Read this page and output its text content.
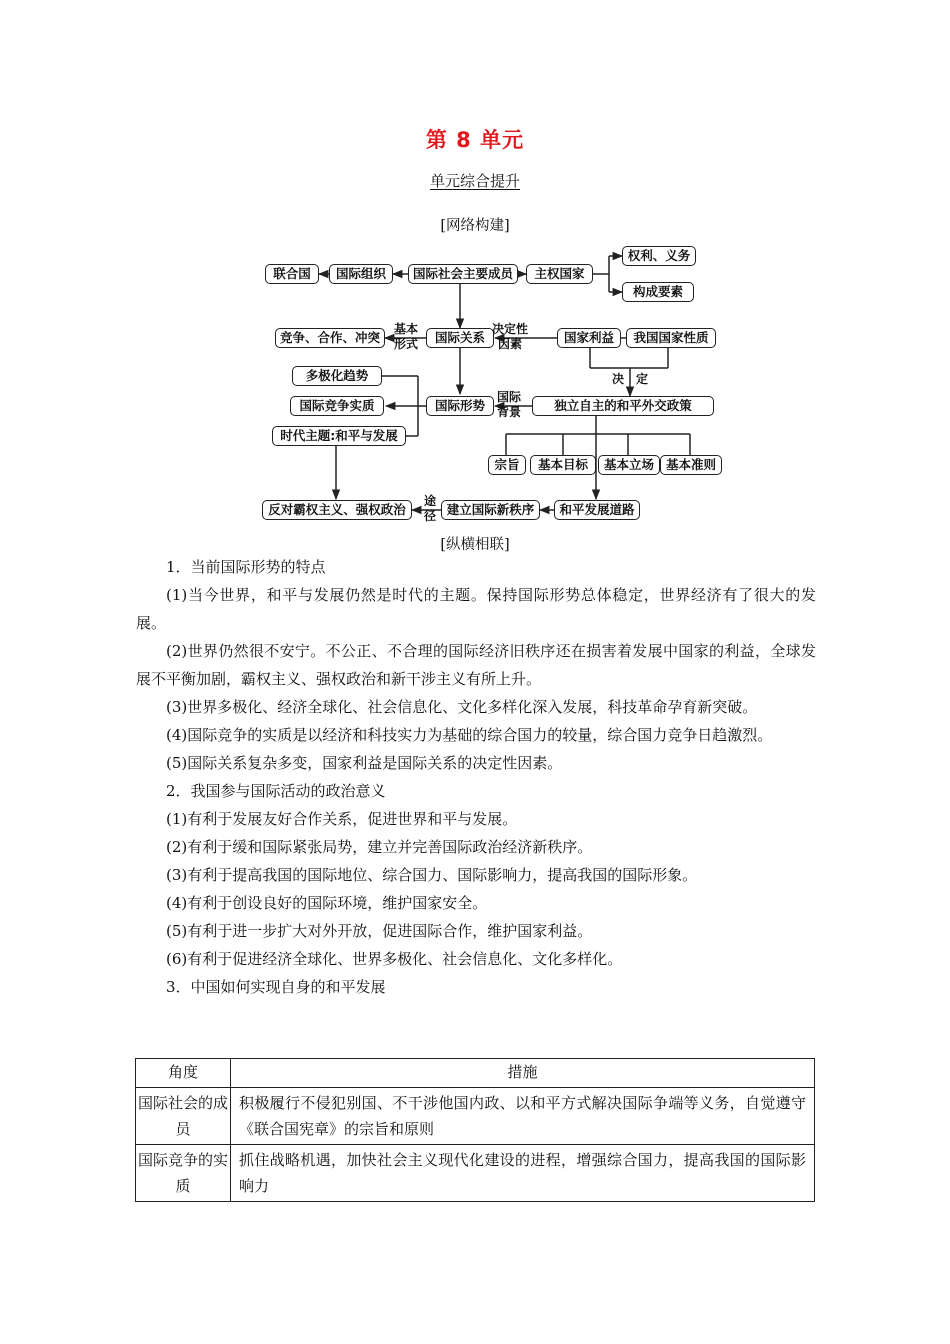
第 8 单元
单元综合提升
[网络构建]
联合国	国际组织	国际社会主要成员	主权国家
权利、义务
构成要素
竞争、合作、冲突	国际关系	国家利益	我国国家性质
多极化趋势
国际竞争实质
时代主题:和平与发展
国际形势	独立自主的和平外交政策
宗旨	基本目标	基本立场 基本准则
反对霸权主义、强权政治	建立国际新秩序	和平发展道路
基本
形式
决定性
因素
决　定
国际
背景
途
径
[纵横相联]

1．当前国际形势的特点

(1)当今世界，和平与发展仍然是时代的主题。保持国际形势总体稳定，世界经济有了很大的发展。

(2)世界仍然很不安宁。不公正、不合理的国际经济旧秩序还在损害着发展中国家的利益，全球发展不平衡加剧，霸权主义、强权政治和新干涉主义有所上升。

(3)世界多极化、经济全球化、社会信息化、文化多样化深入发展，科技革命孕育新突破。

(4)国际竞争的实质是以经济和科技实力为基础的综合国力的较量，综合国力竞争日趋激烈。

(5)国际关系复杂多变，国家利益是国际关系的决定性因素。

2．我国参与国际活动的政治意义

(1)有利于发展友好合作关系，促进世界和平与发展。

(2)有利于缓和国际紧张局势，建立并完善国际政治经济新秩序。

(3)有利于提高我国的国际地位、综合国力、国际影响力，提高我国的国际形象。

(4)有利于创设良好的国际环境，维护国家安全。

(5)有利于进一步扩大对外开放，促进国际合作，维护国家利益。

(6)有利于促进经济全球化、世界多极化、社会信息化、文化多样化。

3．中国如何实现自身的和平发展

角度	措施
国际社会的成员	积极履行不侵犯别国、不干涉他国内政、以和平方式解决国际争端等义务，自觉遵守《联合国宪章》的宗旨和原则
国际竞争的实质	抓住战略机遇，加快社会主义现代化建设的进程，增强综合国力，提高我国的国际影响力
